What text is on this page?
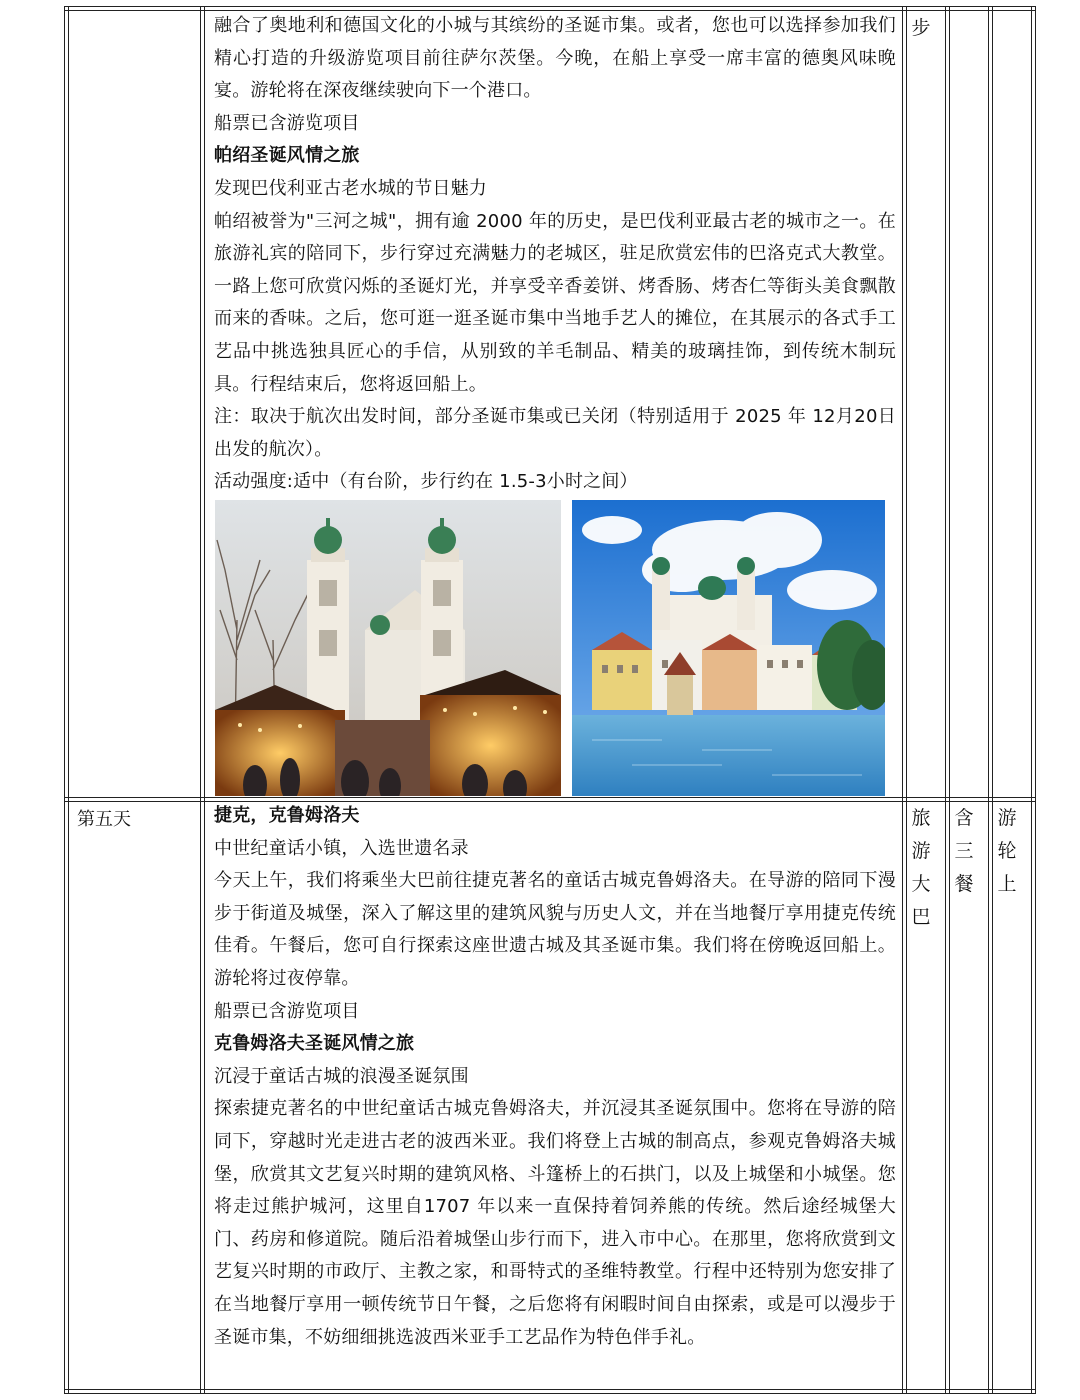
融合了奥地利和德国文化的小城与其缤纷的圣诞市集。或者，您也可以选择参加我们精心打造的升级游览项目前往萨尔茨堡。今晚，在船上享受一席丰富的德奥风味晚宴。游轮将在深夜继续驶向下一个港口。

船票已含游览项目

帕绍圣诞风情之旅

发现巴伐利亚古老水城的节日魅力

帕绍被誉为"三河之城"，拥有逾 2000 年的历史，是巴伐利亚最古老的城市之一。在旅游礼宾的陪同下，步行穿过充满魅力的老城区，驻足欣赏宏伟的巴洛克式大教堂。一路上您可欣赏闪烁的圣诞灯光，并享受辛香姜饼、烤香肠、烤杏仁等街头美食飘散而来的香味。之后，您可逛一逛圣诞市集中当地手艺人的摊位，在其展示的各式手工艺品中挑选独具匠心的手信，从别致的羊毛制品、精美的玻璃挂饰，到传统木制玩具。行程结束后，您将返回船上。

注：取决于航次出发时间，部分圣诞市集或已关闭（特别适用于 2025 年 12月20日出发的航次）。

活动强度:适中（有台阶，步行约在 1.5-3小时之间）

步
第五天	捷克，克鲁姆洛夫

中世纪童话小镇，入选世遗名录

今天上午，我们将乘坐大巴前往捷克著名的童话古城克鲁姆洛夫。在导游的陪同下漫步于街道及城堡，深入了解这里的建筑风貌与历史人文，并在当地餐厅享用捷克传统佳肴。午餐后，您可自行探索这座世遗古城及其圣诞市集。我们将在傍晚返回船上。游轮将过夜停靠。

船票已含游览项目

克鲁姆洛夫圣诞风情之旅

沉浸于童话古城的浪漫圣诞氛围

探索捷克著名的中世纪童话古城克鲁姆洛夫，并沉浸其圣诞氛围中。您将在导游的陪同下，穿越时光走进古老的波西米亚。我们将登上古城的制高点，参观克鲁姆洛夫城堡，欣赏其文艺复兴时期的建筑风格、斗篷桥上的石拱门，以及上城堡和小城堡。您将走过熊护城河，这里自1707 年以来一直保持着饲养熊的传统。然后途经城堡大门、药房和修道院。随后沿着城堡山步行而下，进入市中心。在那里，您将欣赏到文艺复兴时期的市政厅、主教之家，和哥特式的圣维特教堂。行程中还特别为您安排了在当地餐厅享用一顿传统节日午餐，之后您将有闲暇时间自由探索，或是可以漫步于圣诞市集，不妨细细挑选波西米亚手工艺品作为特色伴手礼。

旅游大巴
含三餐
游轮上
